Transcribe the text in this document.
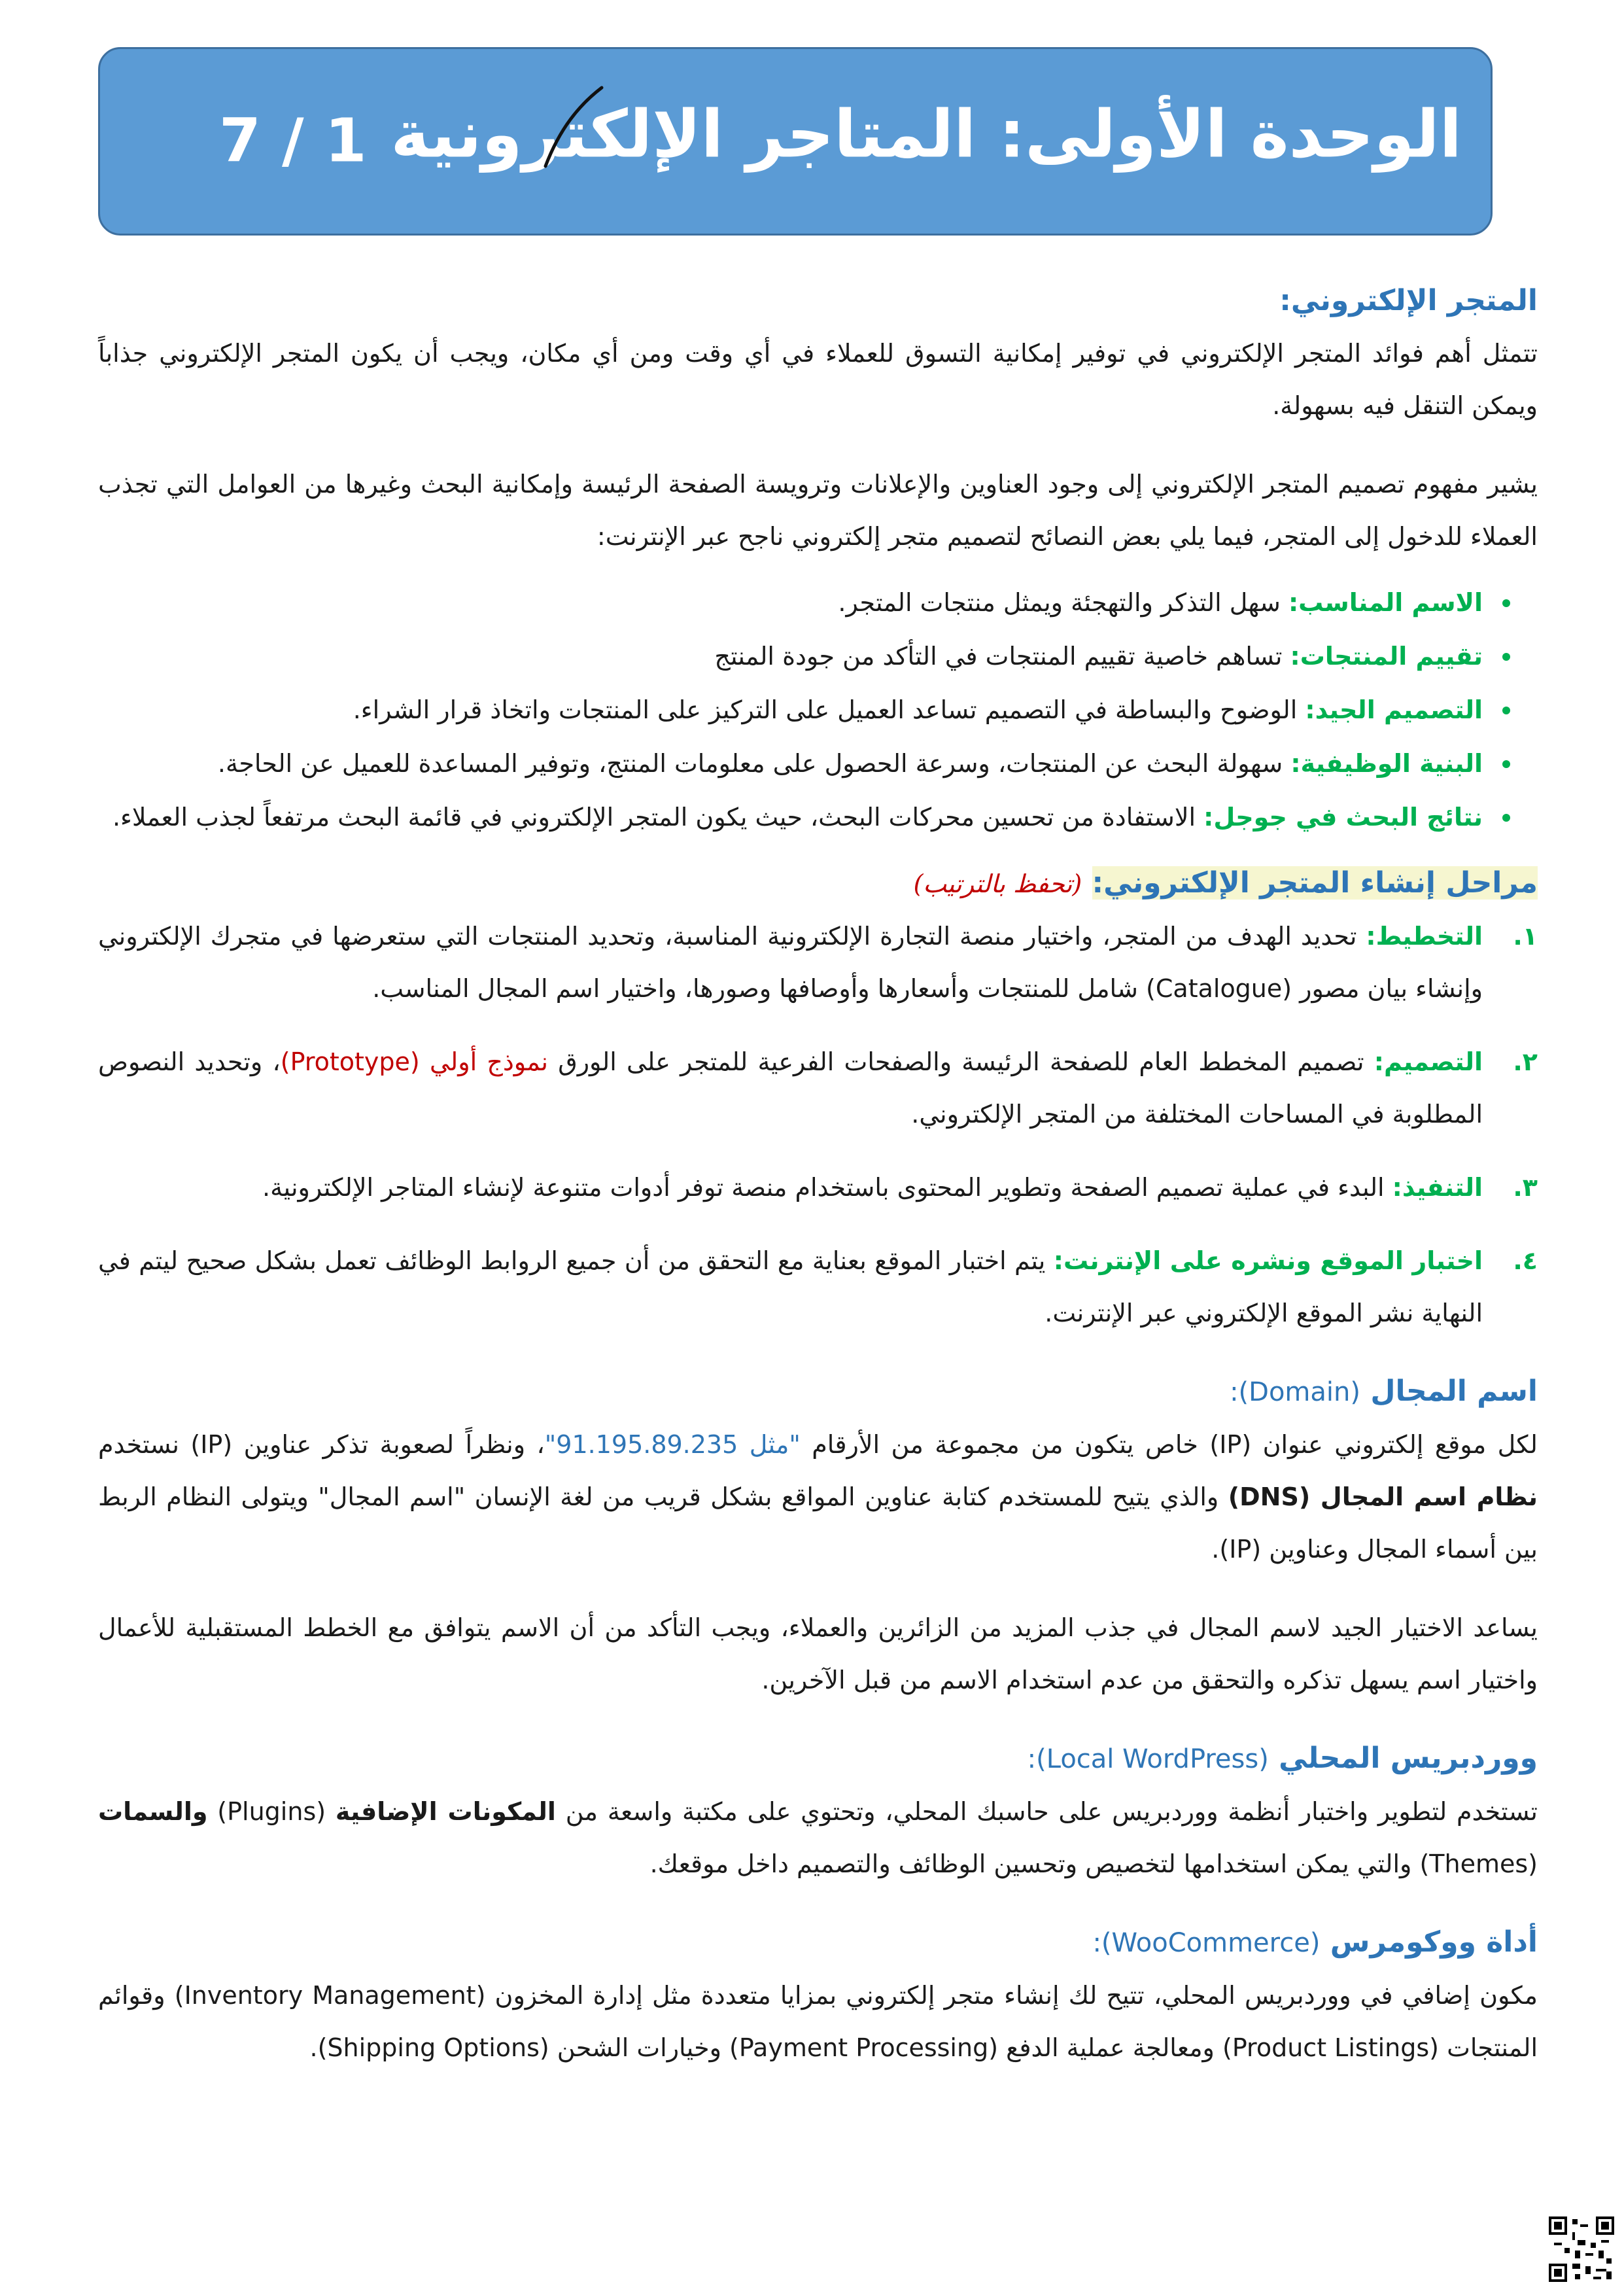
الوحدة الأولى: المتاجر الإلكترونية
7 / 1
المتجر الإلكتروني:

تتمثل أهم فوائد المتجر الإلكتروني في توفير إمكانية التسوق للعملاء في أي وقت ومن أي مكان، ويجب أن يكون المتجر الإلكتروني جذاباً ويمكن التنقل فيه بسهولة.

يشير مفهوم تصميم المتجر الإلكتروني إلى وجود العناوين والإعلانات وترويسة الصفحة الرئيسة وإمكانية البحث وغيرها من العوامل التي تجذب العملاء للدخول إلى المتجر، فيما يلي بعض النصائح لتصميم متجر إلكتروني ناجح عبر الإنترنت:

الاسم المناسب: سهل التذكر والتهجئة ويمثل منتجات المتجر.
تقييم المنتجات: تساهم خاصية تقييم المنتجات في التأكد من جودة المنتج
التصميم الجيد: الوضوح والبساطة في التصميم تساعد العميل على التركيز على المنتجات واتخاذ قرار الشراء.
البنية الوظيفية: سهولة البحث عن المنتجات، وسرعة الحصول على معلومات المنتج، وتوفير المساعدة للعميل عن الحاجة.
نتائج البحث في جوجل: الاستفادة من تحسين محركات البحث، حيث يكون المتجر الإلكتروني في قائمة البحث مرتفعاً لجذب العملاء.
مراحل إنشاء المتجر الإلكتروني: (تحفظ بالترتيب)
١.
التخطيط: تحديد الهدف من المتجر، واختيار منصة التجارة الإلكترونية المناسبة، وتحديد المنتجات التي ستعرضها في متجرك الإلكتروني وإنشاء بيان مصور (Catalogue) شامل للمنتجات وأسعارها وأوصافها وصورها، واختيار اسم المجال المناسب.
٢.
التصميم: تصميم المخطط العام للصفحة الرئيسة والصفحات الفرعية للمتجر على الورق نموذج أولي (Prototype)، وتحديد النصوص المطلوبة في المساحات المختلفة من المتجر الإلكتروني.
٣.
التنفيذ: البدء في عملية تصميم الصفحة وتطوير المحتوى باستخدام منصة توفر أدوات متنوعة لإنشاء المتاجر الإلكترونية.
٤.
اختبار الموقع ونشره على الإنترنت: يتم اختبار الموقع بعناية مع التحقق من أن جميع الروابط الوظائف تعمل بشكل صحيح ليتم في النهاية نشر الموقع الإلكتروني عبر الإنترنت.
اسم المجال (Domain):

لكل موقع إلكتروني عنوان (IP) خاص يتكون من مجموعة من الأرقام "مثل 91.195.89.235"، ونظراً لصعوبة تذكر عناوين (IP) نستخدم نظام اسم المجال (DNS) والذي يتيح للمستخدم كتابة عناوين المواقع بشكل قريب من لغة الإنسان "اسم المجال" ويتولى النظام الربط بين أسماء المجال وعناوين (IP).

يساعد الاختيار الجيد لاسم المجال في جذب المزيد من الزائرين والعملاء، ويجب التأكد من أن الاسم يتوافق مع الخطط المستقبلية للأعمال واختيار اسم يسهل تذكره والتحقق من عدم استخدام الاسم من قبل الآخرين.

ووردبريس المحلي (Local WordPress):

تستخدم لتطوير واختبار أنظمة ووردبريس على حاسبك المحلي، وتحتوي على مكتبة واسعة من المكونات الإضافية (Plugins) والسمات (Themes) والتي يمكن استخدامها لتخصيص وتحسين الوظائف والتصميم داخل موقعك.

أداة ووكومرس (WooCommerce):

مكون إضافي في ووردبريس المحلي، تتيح لك إنشاء متجر إلكتروني بمزايا متعددة مثل إدارة المخزون (Inventory Management) وقوائم المنتجات (Product Listings) ومعالجة عملية الدفع (Payment Processing) وخيارات الشحن (Shipping Options).
